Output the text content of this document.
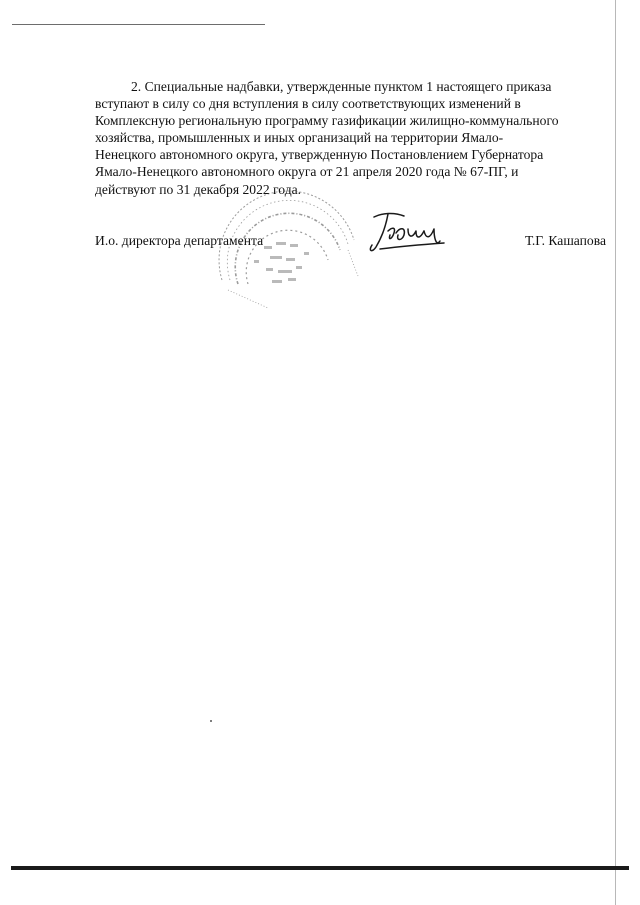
2. Специальные надбавки, утвержденные пунктом 1 настоящего приказа
вступают в силу со дня вступления в силу соответствующих изменений в
Комплексную региональную программу газификации жилищно-коммунального
хозяйства, промышленных и иных организаций на территории Ямало-
Ненецкого автономного округа, утвержденную Постановлением Губернатора
Ямало-Ненецкого автономного округа от 21 апреля 2020 года № 67-ПГ, и
действуют по 31 декабря 2022 года.
И.о. директора департамента	Т.Г. Кашапова
